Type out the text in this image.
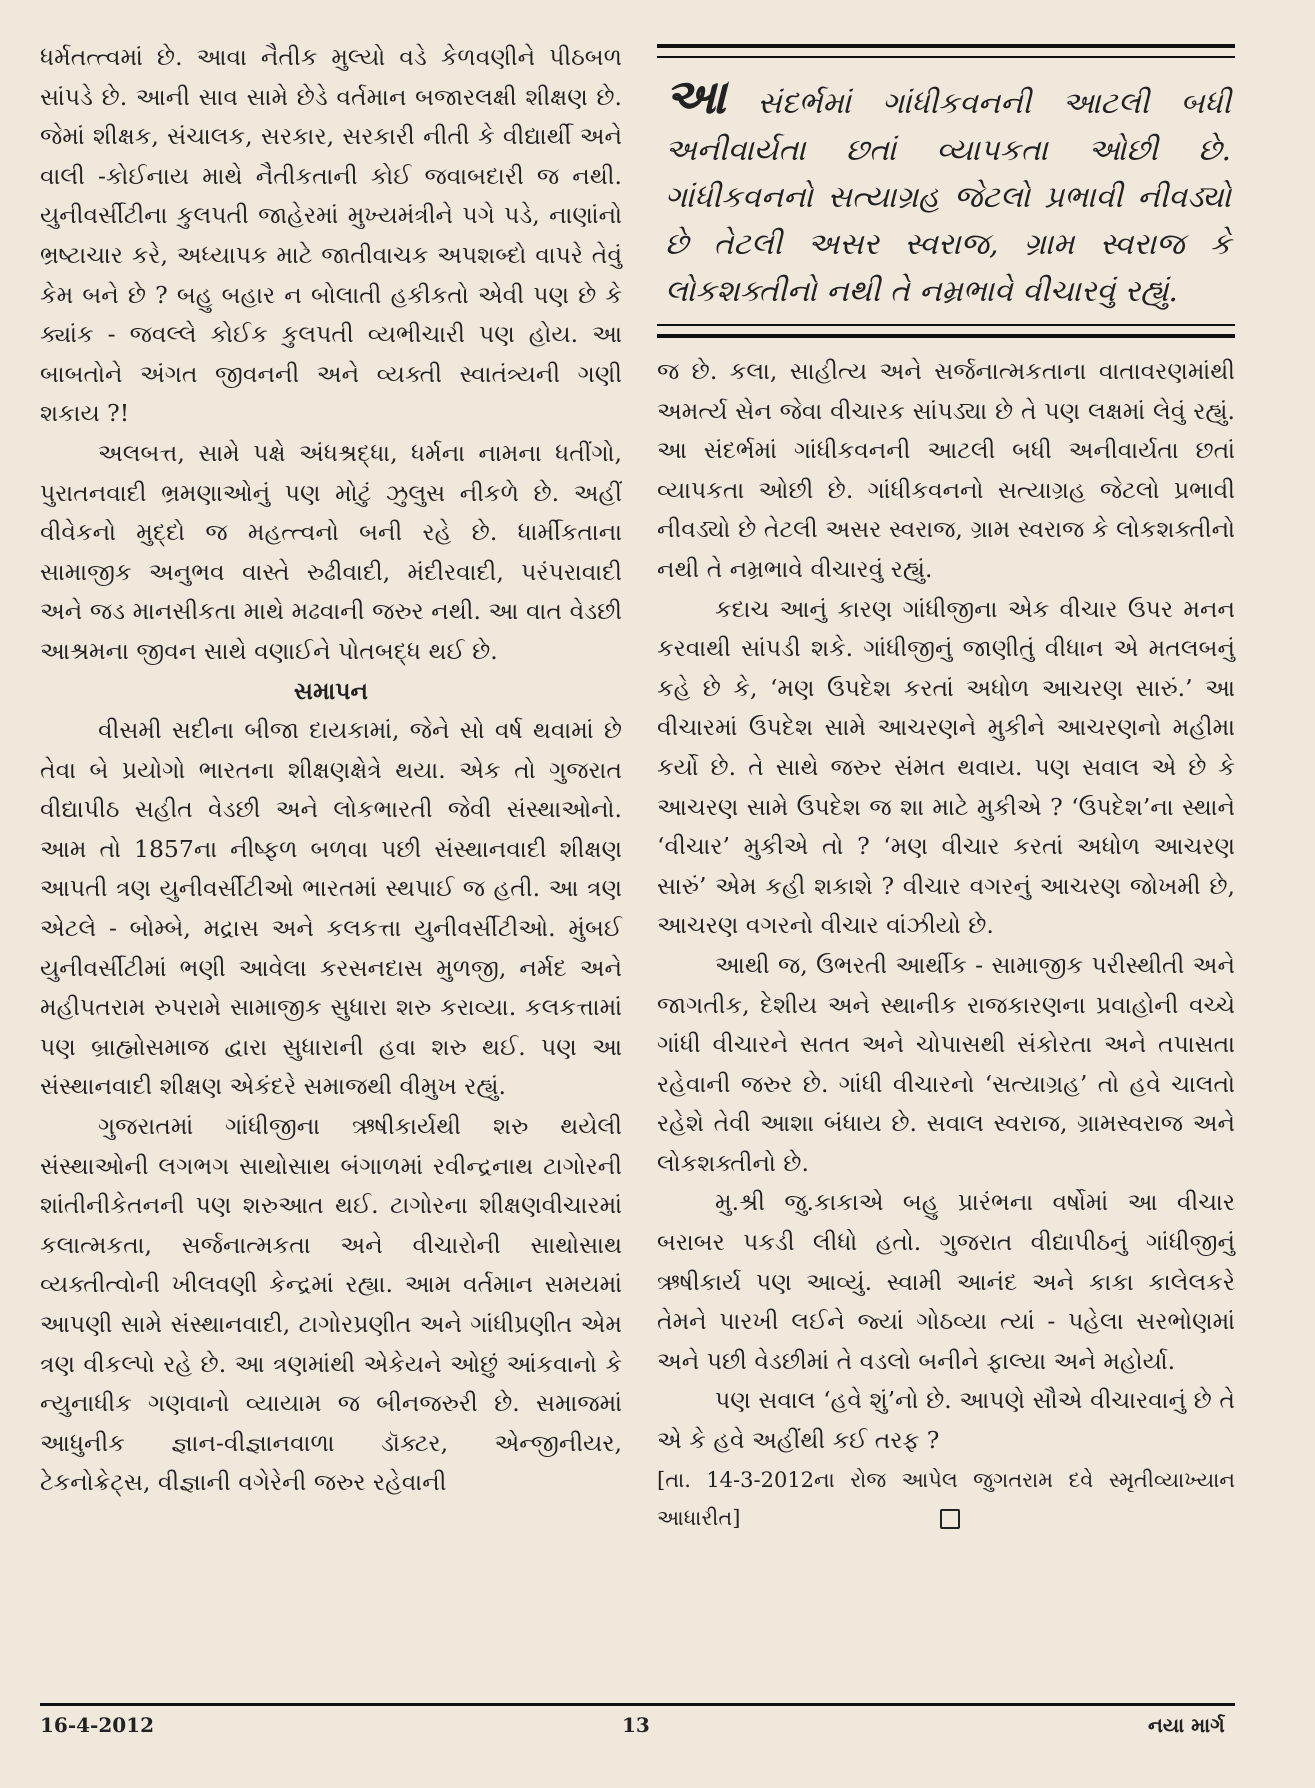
ધર્મતત્ત્વમાં છે. આવા નૈતીક મુલ્યો વડે કેળવણીને પીઠબળ સાંપડે છે. આની સાવ સામે છેડે વર્તમાન બજારલક્ષી શીક્ષણ છે. જેમાં શીક્ષક, સંચાલક, સરકાર, સરકારી નીતી કે વીદ્યાર્થી અને વાલી -કોઈનાય માથે નૈતીકતાની કોઈ જવાબદારી જ નથી. યુનીવર્સીટીના કુલપતી જાહેરમાં મુખ્યમંત્રીને પગે પડે, નાણાંનો ભ્રષ્ટાચાર કરે, અધ્યાપક માટે જાતીવાચક અપશબ્દો વાપરે તેવું કેમ બને છે ? બહુ બહાર ન બોલાતી હકીકતો એવી પણ છે કે ક્યાંક - જવલ્લે કોઈક કુલપતી વ્યભીચારી પણ હોય. આ બાબતોને અંગત જીવનની અને વ્યક્તી સ્વાતંત્ર્યની ગણી શકાય ?!

અલબત્ત, સામે પક્ષે અંધશ્રદ્ધા, ધર્મના નામના ધતીંગો, પુરાતનવાદી ભ્રમણાઓનું પણ મોટું ઝુલુસ નીકળે છે. અહીં વીવેકનો મુદ્દો જ મહત્ત્વનો બની રહે છે. ધાર્મીકતાના સામાજીક અનુભવ વાસ્તે રુઢીવાદી, મંદીરવાદી, પરંપરાવાદી અને જડ માનસીકતા માથે મઢવાની જરુર નથી. આ વાત વેડછી આશ્રમના જીવન સાથે વણાઈને પોતબદ્ધ થઈ છે.

સમાપન

વીસમી સદીના બીજા દાયકામાં, જેને સો વર્ષ થવામાં છે તેવા બે પ્રયોગો ભારતના શીક્ષણક્ષેત્રે થયા. એક તો ગુજરાત વીદ્યાપીઠ સહીત વેડછી અને લોકભારતી જેવી સંસ્થાઓનો. આમ તો 1857ના નીષ્ફળ બળવા પછી સંસ્થાનવાદી શીક્ષણ આપતી ત્રણ યુનીવર્સીટીઓ ભારતમાં સ્થપાઈ જ હતી. આ ત્રણ એટલે - બોમ્બે, મદ્રાસ અને કલકત્તા યુનીવર્સીટીઓ. મુંબઈ યુનીવર્સીટીમાં ભણી આવેલા કરસનદાસ મુળજી, નર્મદ અને મહીપતરામ રુપરામે સામાજીક સુધારા શરુ કરાવ્યા. કલકત્તામાં પણ બ્રાહ્મોસમાજ દ્વારા સુધારાની હવા શરુ થઈ. પણ આ સંસ્થાનવાદી શીક્ષણ એકંદરે સમાજથી વીમુખ રહ્યું.

ગુજરાતમાં ગાંધીજીના ઋષીકાર્યથી શરુ થયેલી સંસ્થાઓની લગભગ સાથોસાથ બંગાળમાં રવીન્દ્રનાથ ટાગોરની શાંતીનીકેતનની પણ શરુઆત થઈ. ટાગોરના શીક્ષણવીચારમાં કલાત્મકતા, સર્જનાત્મકતા અને વીચારોની સાથોસાથ વ્યક્તીત્વોની ખીલવણી કેન્દ્રમાં રહ્યા. આમ વર્તમાન સમયમાં આપણી સામે સંસ્થાનવાદી, ટાગોરપ્રણીત અને ગાંધીપ્રણીત એમ ત્રણ વીકલ્પો રહે છે. આ ત્રણમાંથી એકેયને ઓછું આંકવાનો કે ન્યુનાધીક ગણવાનો વ્યાયામ જ બીનજરુરી છે. સમાજમાં આધુનીક જ્ઞાન-વીજ્ઞાનવાળા ડૉક્ટર, એન્જીનીયર, ટેકનોક્રેટ્સ, વીજ્ઞાની વગેરેની જરુર રહેવાની

આ સંદર્ભમાં ગાંધીકવનની આટલી બધી અનીવાર્યતા છતાં વ્યાપકતા ઓછી છે. ગાંધીકવનનો સત્યાગ્રહ જેટલો પ્રભાવી નીવડ્યો છે તેટલી અસર સ્વરાજ, ગ્રામ સ્વરાજ કે લોકશક્તીનો નથી તે નમ્રભાવે વીચારવું રહ્યું.

જ છે. કલા, સાહીત્ય અને સર્જનાત્મકતાના વાતાવરણમાંથી અમર્ત્ય સેન જેવા વીચારક સાંપડ્યા છે તે પણ લક્ષમાં લેવું રહ્યું. આ સંદર્ભમાં ગાંધીકવનની આટલી બધી અનીવાર્યતા છતાં વ્યાપકતા ઓછી છે. ગાંધીકવનનો સત્યાગ્રહ જેટલો પ્રભાવી નીવડ્યો છે તેટલી અસર સ્વરાજ, ગ્રામ સ્વરાજ કે લોકશક્તીનો નથી તે નમ્રભાવે વીચારવું રહ્યું.

કદાચ આનું કારણ ગાંધીજીના એક વીચાર ઉપર મનન કરવાથી સાંપડી શકે. ગાંધીજીનું જાણીતું વીધાન એ મતલબનું કહે છે કે, ‘મણ ઉપદેશ કરતાં અધોળ આચરણ સારું.’ આ વીચારમાં ઉપદેશ સામે આચરણને મુકીને આચરણનો મહીમા કર્યો છે. તે સાથે જરુર સંમત થવાય. પણ સવાલ એ છે કે આચરણ સામે ઉપદેશ જ શા માટે મુકીએ ? ‘ઉપદેશ’ના સ્થાને ‘વીચાર’ મુકીએ તો ? ‘મણ વીચાર કરતાં અધોળ આચરણ સારું’ એમ કહી શકાશે ? વીચાર વગરનું આચરણ જોખમી છે, આચરણ વગરનો વીચાર વાંઝીયો છે.

આથી જ, ઉભરતી આર્થીક - સામાજીક પરીસ્થીતી અને જાગતીક, દેશીય અને સ્થાનીક રાજકારણના પ્રવાહોની વચ્ચે ગાંધી વીચારને સતત અને ચોપાસથી સંકોરતા અને તપાસતા રહેવાની જરુર છે. ગાંધી વીચારનો ‘સત્યાગ્રહ’ તો હવે ચાલતો રહેશે તેવી આશા બંધાય છે. સવાલ સ્વરાજ, ગ્રામસ્વરાજ અને લોકશક્તીનો છે.

મુ.શ્રી જુ.કાકાએ બહુ પ્રારંભના વર્ષોમાં આ વીચાર બરાબર પકડી લીધો હતો. ગુજરાત વીદ્યાપીઠનું ગાંધીજીનું ઋષીકાર્ય પણ આવ્યું. સ્વામી આનંદ અને કાકા કાલેલકરે તેમને પારખી લઈને જ્યાં ગોઠવ્યા ત્યાં - પહેલા સરભોણમાં અને પછી વેડછીમાં તે વડલો બનીને ફાલ્યા અને મહોર્યા.

પણ સવાલ ‘હવે શું’નો છે. આપણે સૌએ વીચારવાનું છે તે એ કે હવે અહીંથી કઈ તરફ ?

[તા. 14-3-2012ના રોજ આપેલ જુગતરામ દવે સ્મૃતીવ્યાખ્યાન આધારીત]

16-4-2012	13	નયા માર્ગ
